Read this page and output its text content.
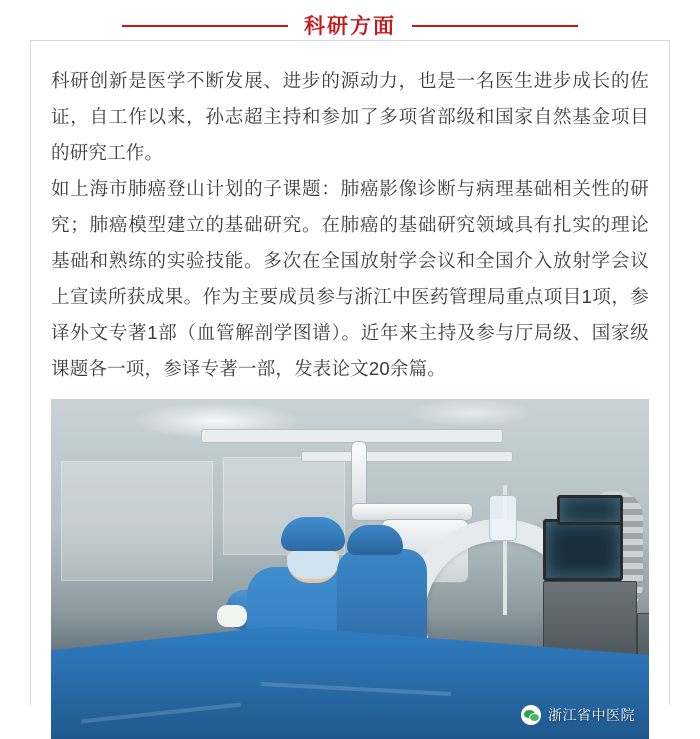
科研方面

科研创新是医学不断发展、进步的源动力，也是一名医生进步成长的佐证，自工作以来，孙志超主持和参加了多项省部级和国家自然基金项目的研究工作。

如上海市肺癌登山计划的子课题：肺癌影像诊断与病理基础相关性的研究；肺癌模型建立的基础研究。在肺癌的基础研究领域具有扎实的理论基础和熟练的实验技能。多次在全国放射学会议和全国介入放射学会议上宣读所获成果。作为主要成员参与浙江中医药管理局重点项目1项，参译外文专著1部（血管解剖学图谱）。近年来主持及参与厅局级、国家级课题各一项，参译专著一部，发表论文20余篇。

浙江省中医院
